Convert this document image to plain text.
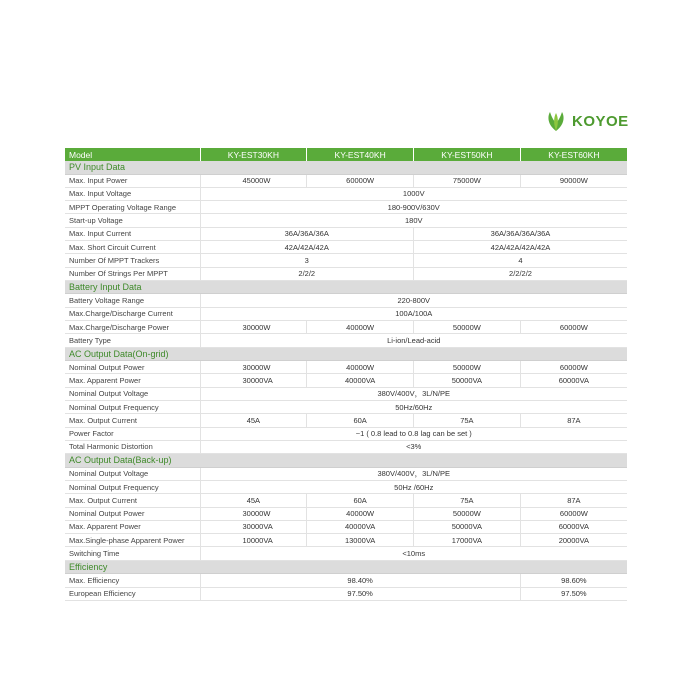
KOYOE
Model	KY-EST30KH	KY-EST40KH	KY-EST50KH	KY-EST60KH
PV Input Data				
Max. Input Power	45000W	60000W	75000W	90000W
Max. Input Voltage	1000V			
MPPT Operating Voltage Range	180-900V/630V			
Start-up Voltage	180V			
Max. Input Current	36A/36A/36A		36A/36A/36A/36A	
Max. Short Circuit Current	42A/42A/42A		42A/42A/42A/42A	
Number Of MPPT Trackers	3		4	
Number Of Strings Per MPPT	2/2/2		2/2/2/2	
Battery Input Data				
Battery Voltage Range	220-800V			
Max.Charge/Discharge Current	100A/100A			
Max.Charge/Discharge Power	30000W	40000W	50000W	60000W
Battery Type	Li-ion/Lead-acid			
AC Output Data(On-grid)				
Nominal Output Power	30000W	40000W	50000W	60000W
Max. Apparent Power	30000VA	40000VA	50000VA	60000VA
Nominal Output Voltage	380V/400V，3L/N/PE			
Nominal Output Frequency	50Hz/60Hz			
Max. Output Current	45A	60A	75A	87A
Power Factor	~1 ( 0.8 lead to 0.8 lag can be set )			
Total Harmonic Distortion	<3%			
AC Output Data(Back-up)				
Nominal Output Voltage	380V/400V，3L/N/PE			
Nominal Output Frequency	50Hz /60Hz			
Max. Output Current	45A	60A	75A	87A
Nominal Output Power	30000W	40000W	50000W	60000W
Max. Apparent Power	30000VA	40000VA	50000VA	60000VA
Max.Single-phase Apparent Power	10000VA	13000VA	17000VA	20000VA
Switching Time	<10ms			
Efficiency				
Max. Efficiency	98.40%			98.60%
European Efficiency	97.50%			97.50%
